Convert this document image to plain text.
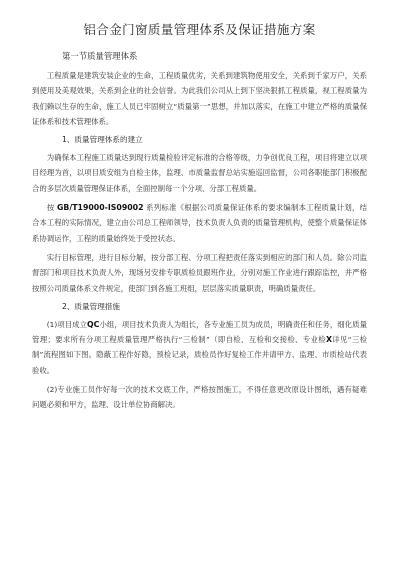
铝合金门窗质量管理体系及保证措施方案
第一节质量管理体系

工程质量是建筑安装企业的生命，工程质量优劣，关系到建筑物使用安全，关系到千家万户，关系到使用及美观效果，关系到企业的社会信誉。为此我们公司从上到下坚决狠抓工程质量，视工程质量为我们赖以生存的生命，施工人员已牢固树立“质量第一”思想，并加以落实，在施工中建立严格的质量保证体系和技术管理体系。

1、质量管理体系的建立

为确保本工程施工质量达到现行质量检验评定标准的合格等级，力争创优良工程，项目将建立以项目经理为首，以项目质安组为自检主体，监理、市质量监督总站实施巡回监督，公司各职能部门积极配合的多层次质量管理保证体系，全面控制每一个分项、分部工程质量。

按 GB/T19000-IS09002 系列标准《根据公司质量保证体系的要求编制本工程质量计划，结合本工程的实际情况，建立由公司总工程师领导，技术负责人负责的质量管理机构，使整个质量保证体系协调运作，工程的质量始终处于受控状态。

实行目标管理，进行目标分解，按分部工程、分项工程把责任落实到相应的部门和人员。除公司监督部门和项目技术负责人外，现场另安排专职质检员跟班作业，分别对施工作业进行跟踪监控，并严格按照公司质量体系文件规定，使部门到各施工班组，层层落实质量职责，明确质量责任。

2、质量管理措施

(1)项目成立QC小组，项目技术负责人为组长，各专业施工员为成员，明确责任和任务，细化质量管理；要求所有分项工程质量管理严格执行“三检制”（即自检、互检和交接检、专业检X详见“三检制”流程图如下图。隐蔽工程作好隐，预检记录，质检员作好复检工作并请甲方、监理、市质检站代表验收。

(2)专业施工员作好每一次的技术交底工作，严格按图施工，不得任意更改原设计图纸，遇有疑难问题必须和甲方，监理、设计单位协商解决。
